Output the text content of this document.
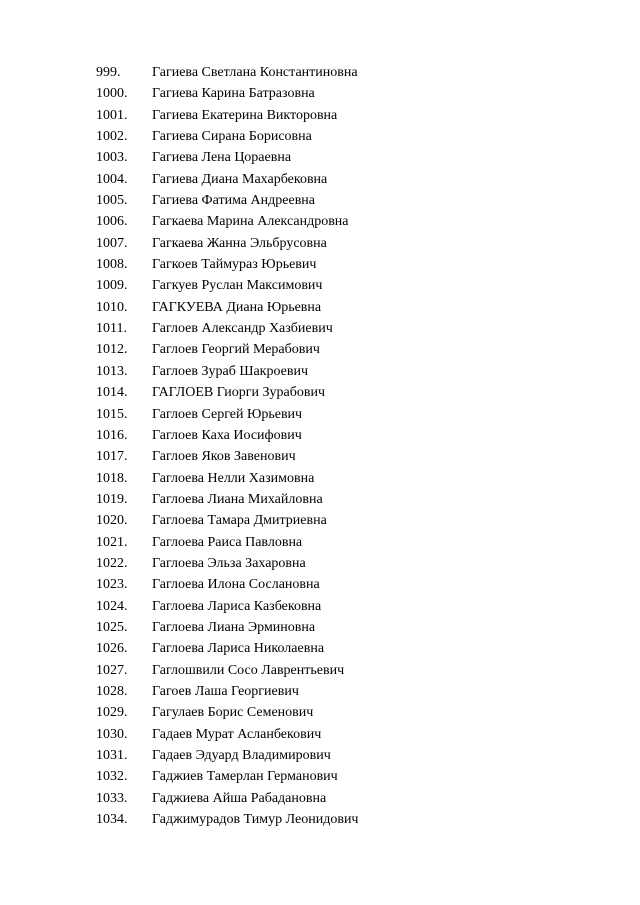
999.	Гагиева Светлана Константиновна
1000.	Гагиева Карина Батразовна
1001.	Гагиева Екатерина Викторовна
1002.	Гагиева Сирана Борисовна
1003.	Гагиева Лена Цораевна
1004.	Гагиева Диана Махарбековна
1005.	Гагиева Фатима Андреевна
1006.	Гагкаева Марина Александровна
1007.	Гагкаева Жанна Эльбрусовна
1008.	Гагкоев Таймураз Юрьевич
1009.	Гагкуев Руслан Максимович
1010.	ГАГКУЕВА Диана Юрьевна
1011.	Гаглоев Александр Хазбиевич
1012.	Гаглоев Георгий Мерабович
1013.	Гаглоев Зураб Шакроевич
1014.	ГАГЛОЕВ Гиорги Зурабович
1015.	Гаглоев Сергей Юрьевич
1016.	Гаглоев Каха Иосифович
1017.	Гаглоев Яков Завенович
1018.	Гаглоева Нелли Хазимовна
1019.	Гаглоева Лиана Михайловна
1020.	Гаглоева Тамара Дмитриевна
1021.	Гаглоева Раиса Павловна
1022.	Гаглоева Эльза Захаровна
1023.	Гаглоева Илона Сослановна
1024.	Гаглоева Лариса Казбековна
1025.	Гаглоева Лиана Эрминовна
1026.	Гаглоева Лариса Николаевна
1027.	Гаглошвили Сосо Лаврентьевич
1028.	Гагоев Лаша Георгиевич
1029.	Гагулаев Борис Семенович
1030.	Гадаев Мурат Асланбекович
1031.	Гадаев Эдуард Владимирович
1032.	Гаджиев Тамерлан Германович
1033.	Гаджиева Айша Рабадановна
1034.	Гаджимурадов Тимур Леонидович
